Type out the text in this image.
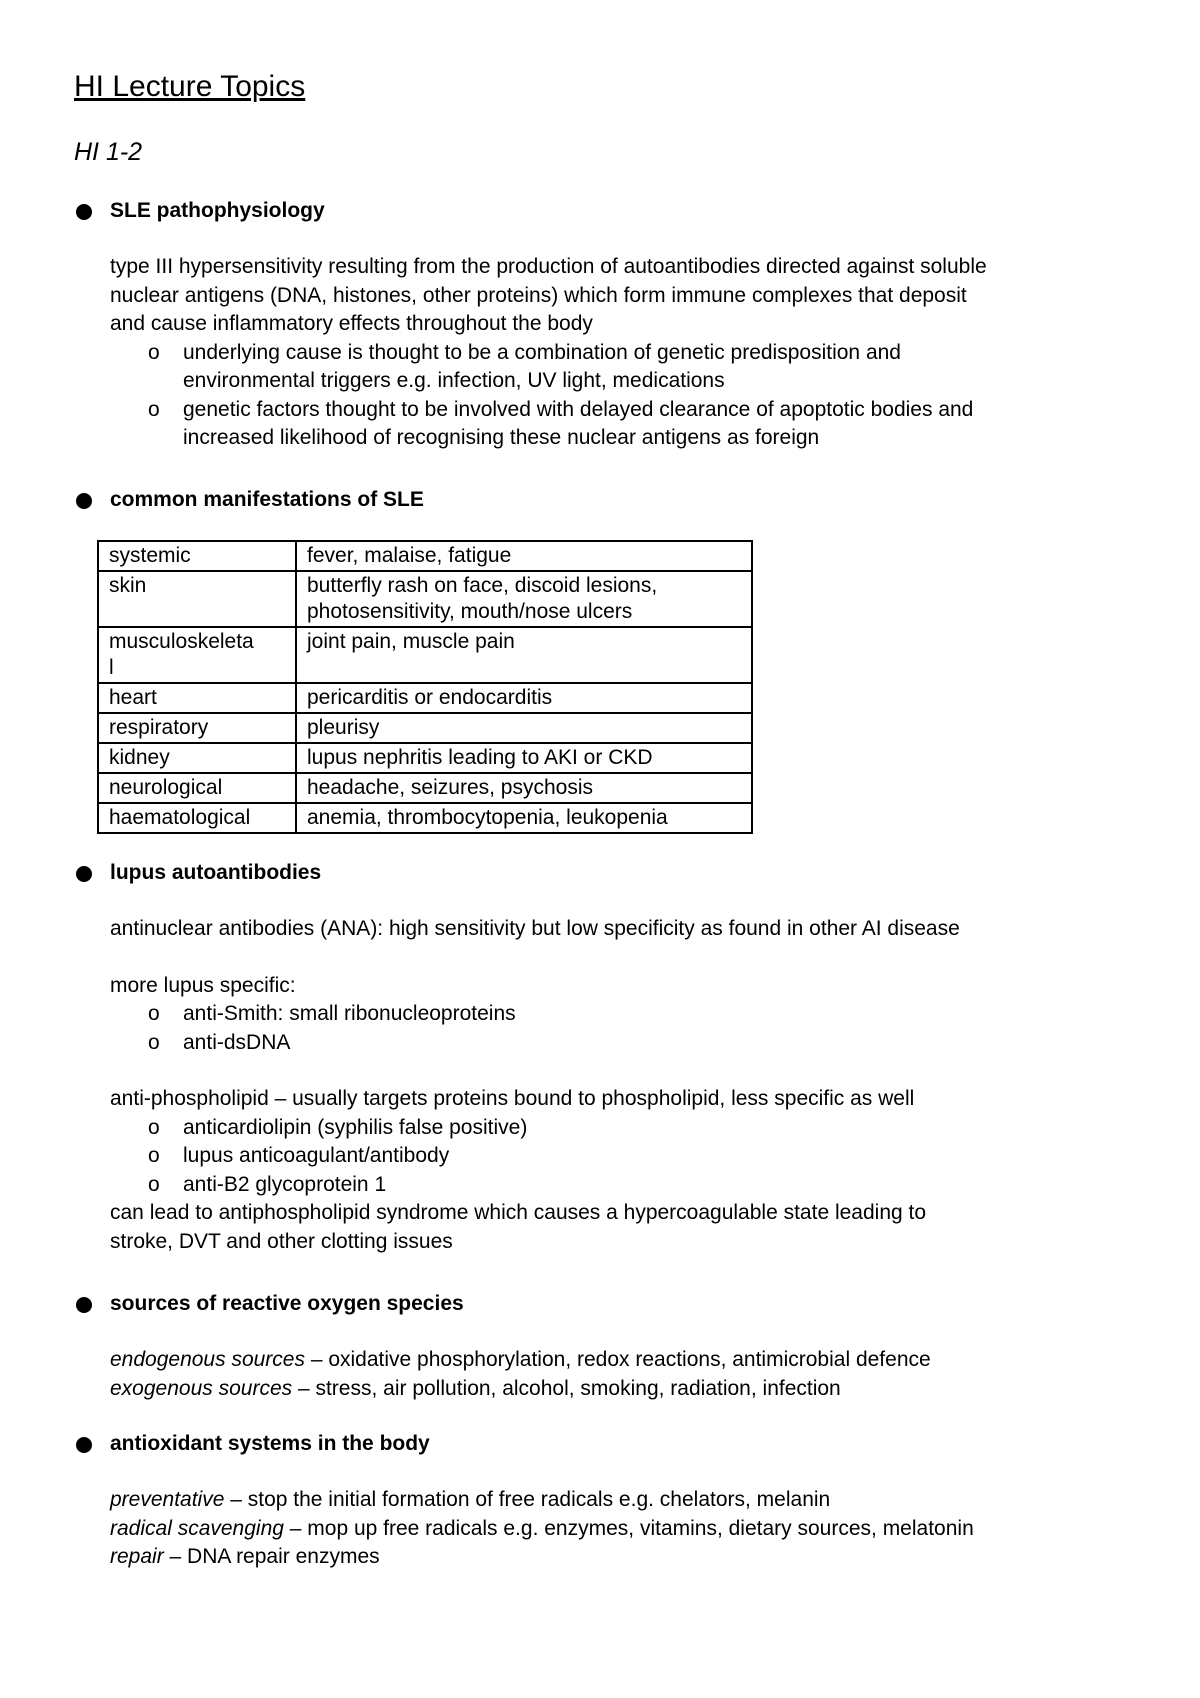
HI Lecture Topics
HI 1-2
SLE pathophysiology
type III hypersensitivity resulting from the production of autoantibodies directed against soluble
nuclear antigens (DNA, histones, other proteins) which form immune complexes that deposit
and cause inflammatory effects throughout the body
o underlying cause is thought to be a combination of genetic predisposition and
environmental triggers e.g. infection, UV light, medications
o genetic factors thought to be involved with delayed clearance of apoptotic bodies and
increased likelihood of recognising these nuclear antigens as foreign
common manifestations of SLE
systemic	fever, malaise, fatigue
skin	butterfly rash on face, discoid lesions,
photosensitivity, mouth/nose ulcers

musculoskeleta
l	joint pain, muscle pain
heart	pericarditis or endocarditis
respiratory	pleurisy
kidney	lupus nephritis leading to AKI or CKD
neurological	headache, seizures, psychosis
haematological	anemia, thrombocytopenia, leukopenia
lupus autoantibodies
antinuclear antibodies (ANA): high sensitivity but low specificity as found in other AI disease
more lupus specific:
o anti-Smith: small ribonucleoproteins
o anti-dsDNA
anti-phospholipid – usually targets proteins bound to phospholipid, less specific as well
o anticardiolipin (syphilis false positive)
o lupus anticoagulant/antibody
o anti-B2 glycoprotein 1
can lead to antiphospholipid syndrome which causes a hypercoagulable state leading to
stroke, DVT and other clotting issues
sources of reactive oxygen species
endogenous sources – oxidative phosphorylation, redox reactions, antimicrobial defence
exogenous sources – stress, air pollution, alcohol, smoking, radiation, infection
antioxidant systems in the body
preventative – stop the initial formation of free radicals e.g. chelators, melanin
radical scavenging – mop up free radicals e.g. enzymes, vitamins, dietary sources, melatonin
repair – DNA repair enzymes
